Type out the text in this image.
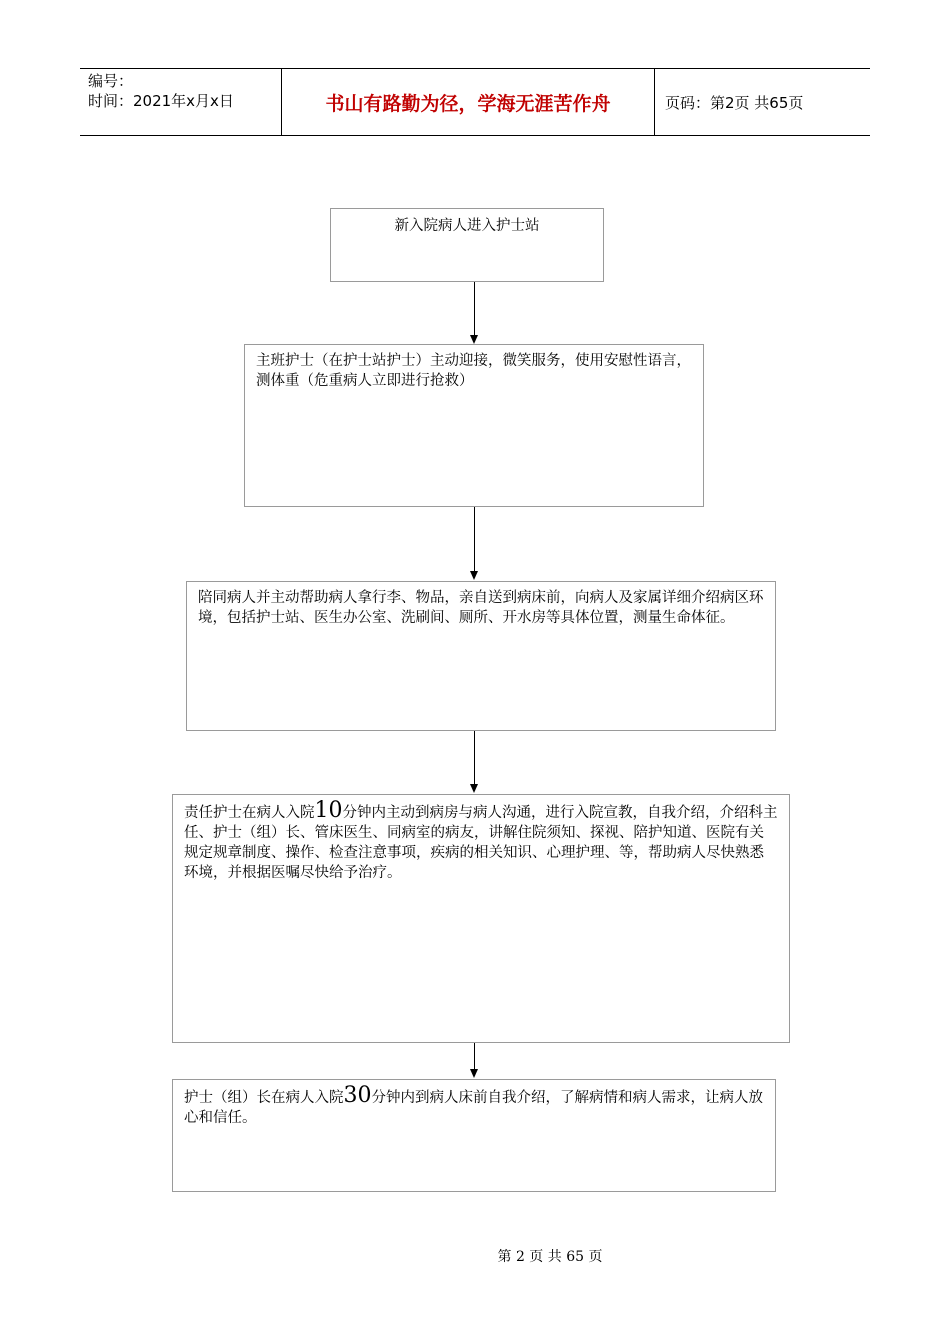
编号：
时间：2021年x月x日	书山有路勤为径，学海无涯苦作舟	页码：第2页 共65页
新入院病人进入护士站
主班护士（在护士站护士）主动迎接，微笑服务，使用安慰性语言，测体重（危重病人立即进行抢救）
陪同病人并主动帮助病人拿行李、物品，亲自送到病床前，向病人及家属详细介绍病区环境，包括护士站、医生办公室、洗刷间、厕所、开水房等具体位置，测量生命体征。
责任护士在病人入院10分钟内主动到病房与病人沟通，进行入院宣教，自我介绍，介绍科主任、护士（组）长、管床医生、同病室的病友，讲解住院须知、探视、陪护知道、医院有关规定规章制度、操作、检查注意事项，疾病的相关知识、心理护理、等，帮助病人尽快熟悉环境，并根据医嘱尽快给予治疗。
护士（组）长在病人入院30分钟内到病人床前自我介绍，了解病情和病人需求，让病人放心和信任。
第 2 页 共 65 页
